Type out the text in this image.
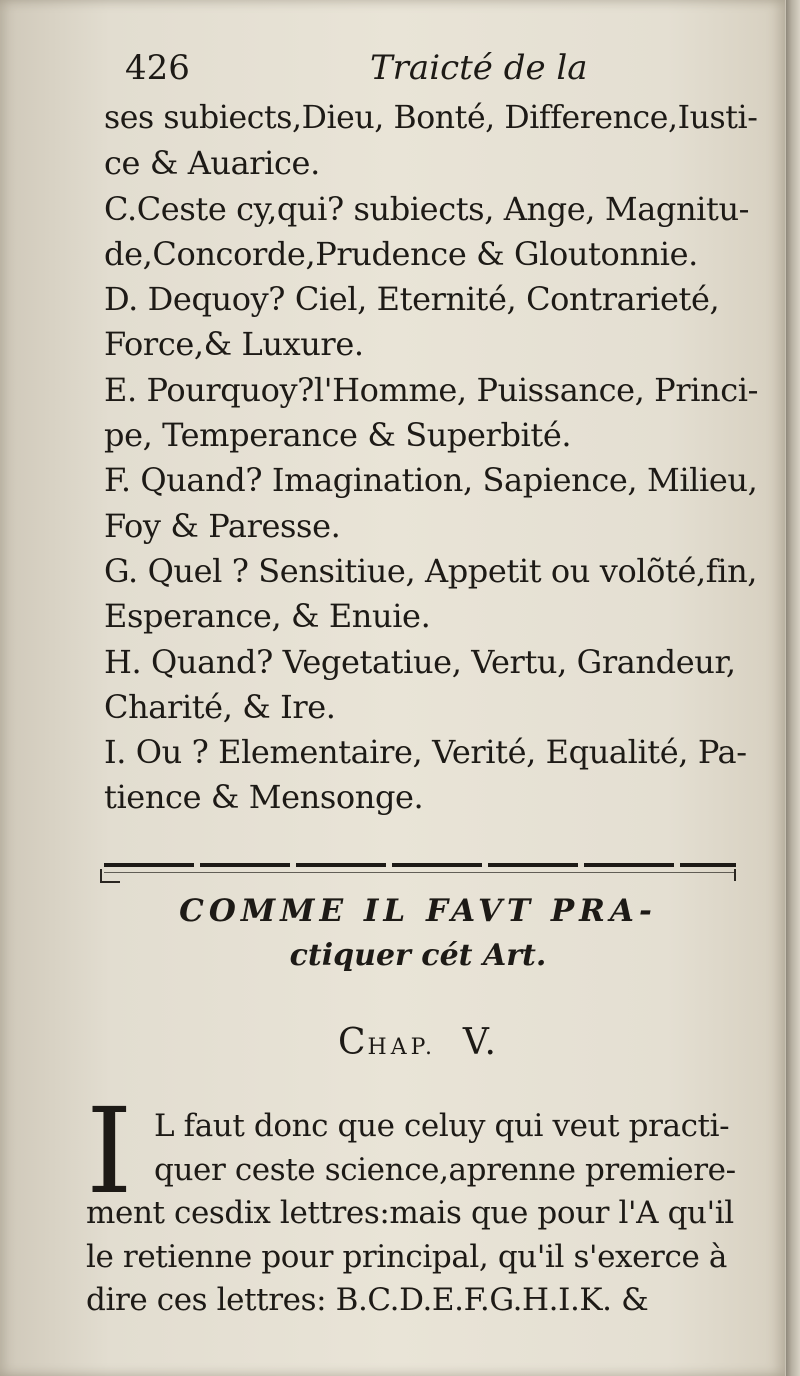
426	Traicté de la
ses subiects,Dieu, Bonté, Difference,Iusti-
ce & Auarice.
C.Ceste cy,qui? subiects, Ange, Magnitu-
de,Concorde,Prudence & Gloutonnie.
D. Dequoy? Ciel, Eternité, Contrarieté,
Force,& Luxure.
E. Pourquoy?l'Homme, Puissance, Princi-
pe, Temperance & Superbité.
F. Quand? Imagination, Sapience, Milieu,
Foy & Paresse.
G. Quel ? Sensitiue, Appetit ou volõté,fin,
Esperance, & Enuie.
H. Quand? Vegetatiue, Vertu, Grandeur,
Charité, & Ire.
I. Ou ? Elementaire, Verité, Equalité, Pa-
tience & Mensonge.
COMME IL FAVT PRA-
ctiquer cét Art.
CHAP. V.
I L faut donc que celuy qui veut practi-
quer ceste science,aprenne premiere-
ment cesdix lettres:mais que pour l'A qu'il
le retienne pour principal, qu'il s'exerce à
dire ces lettres: B.C.D.E.F.G.H.I.K. &
